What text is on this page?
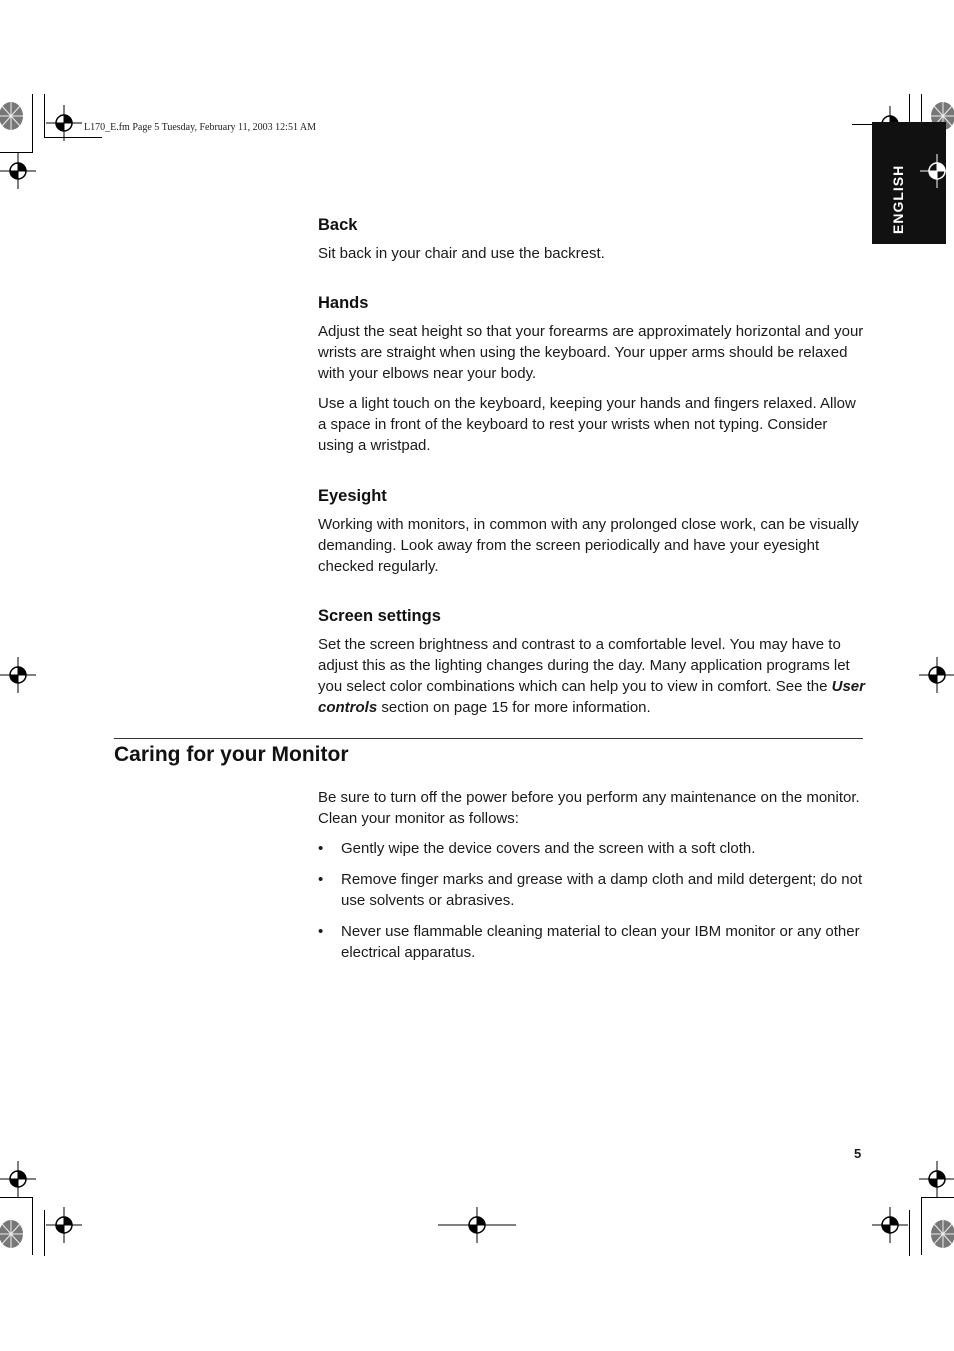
L170_E.fm Page 5 Tuesday, February 11, 2003 12:51 AM
ENGLISH
Back

Sit back in your chair and use the backrest.

Hands

Adjust the seat height so that your forearms are approximately horizontal and your wrists are straight when using the keyboard. Your upper arms should be relaxed with your elbows near your body.

Use a light touch on the keyboard, keeping your hands and fingers relaxed. Allow a space in front of the keyboard to rest your wrists when not typing. Consider using a wristpad.

Eyesight

Working with monitors, in common with any prolonged close work, can be visually demanding. Look away from the screen periodically and have your eyesight checked regularly.

Screen settings

Set the screen brightness and contrast to a comfortable level. You may have to adjust this as the lighting changes during the day. Many application programs let you select color combinations which can help you to view in comfort. See the User controls section on page 15 for more information.

Caring for your Monitor

Be sure to turn off the power before you perform any maintenance on the monitor. Clean your monitor as follows:

• Gently wipe the device covers and the screen with a soft cloth.
• Remove finger marks and grease with a damp cloth and mild detergent; do not use solvents or abrasives.
• Never use flammable cleaning material to clean your IBM monitor or any other electrical apparatus.
5
